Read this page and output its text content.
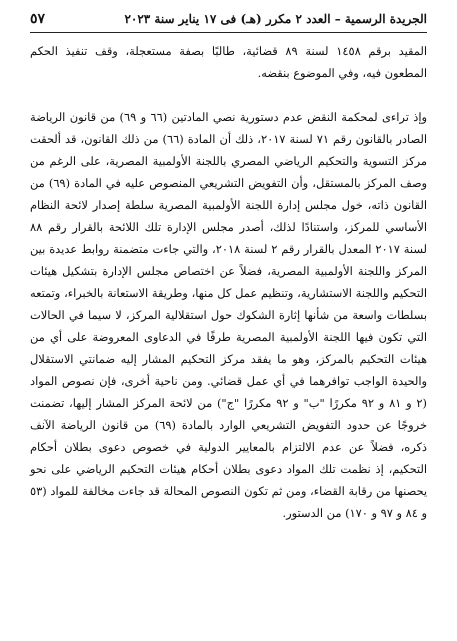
٥٧	الجريدة الرسمية – العدد ٢ مكرر (هـ) فى ١٧ يناير سنة ٢٠٢٣

المقيد برقم ١٤٥٨ لسنة ٨٩ قضائية، طالبًا بصفة مستعجلة، وقف تنفيذ الحكم المطعون فيه، وفي الموضوع بنقضه.

وإذ تراءى لمحكمة النقض عدم دستورية نصي المادتين (٦٦ و ٦٩) من قانون الرياضة الصادر بالقانون رقم ٧١ لسنة ٢٠١٧، ذلك أن المادة (٦٦) من ذلك القانون، قد ألحقت مركز التسوية والتحكيم الرياضي المصري باللجنة الأولمبية المصرية، على الرغم من وصف المركز بالمستقل، وأن التفويض التشريعي المنصوص عليه في المادة (٦٩) من القانون ذاته، خول مجلس إدارة اللجنة الأولمبية المصرية سلطة إصدار لائحة النظام الأساسي للمركز، واستنادًا لذلك، أصدر مجلس الإدارة تلك اللائحة بالقرار رقم ٨٨ لسنة ٢٠١٧ المعدل بالقرار رقم ٢ لسنة ٢٠١٨، والتي جاءت متضمنة روابط عديدة بين المركز واللجنة الأولمبية المصرية، فضلاً عن اختصاص مجلس الإدارة بتشكيل هيئات التحكيم واللجنة الاستشارية، وتنظيم عمل كل منها، وطريقة الاستعانة بالخبراء، وتمتعه بسلطات واسعة من شأنها إثارة الشكوك حول استقلالية المركز، لا سيما في الحالات التي تكون فيها اللجنة الأولمبية المصرية طرفًا في الدعاوى المعروضة على أي من هيئات التحكيم بالمركز، وهو ما يفقد مركز التحكيم المشار إليه ضمانتي الاستقلال والحيدة الواجب توافرهما في أي عمل قضائي. ومن ناحية أخرى، فإن نصوص المواد (٢ و ٨١ و ٩٢ مكررًا "ب" و ٩٢ مكررًا "ج") من لائحة المركز المشار إليها، تضمنت خروجًا عن حدود التفويض التشريعي الوارد بالمادة (٦٩) من قانون الرياضة الآنف ذكره، فضلاً عن عدم الالتزام بالمعايير الدولية في خصوص دعوى بطلان أحكام التحكيم، إذ نظمت تلك المواد دعوى بطلان أحكام هيئات التحكيم الرياضي على نحو يحصنها من رقابة القضاء، ومن ثم تكون النصوص المحالة قد جاءت مخالفة للمواد (٥٣ و ٨٤ و ٩٧ و ١٧٠) من الدستور.
